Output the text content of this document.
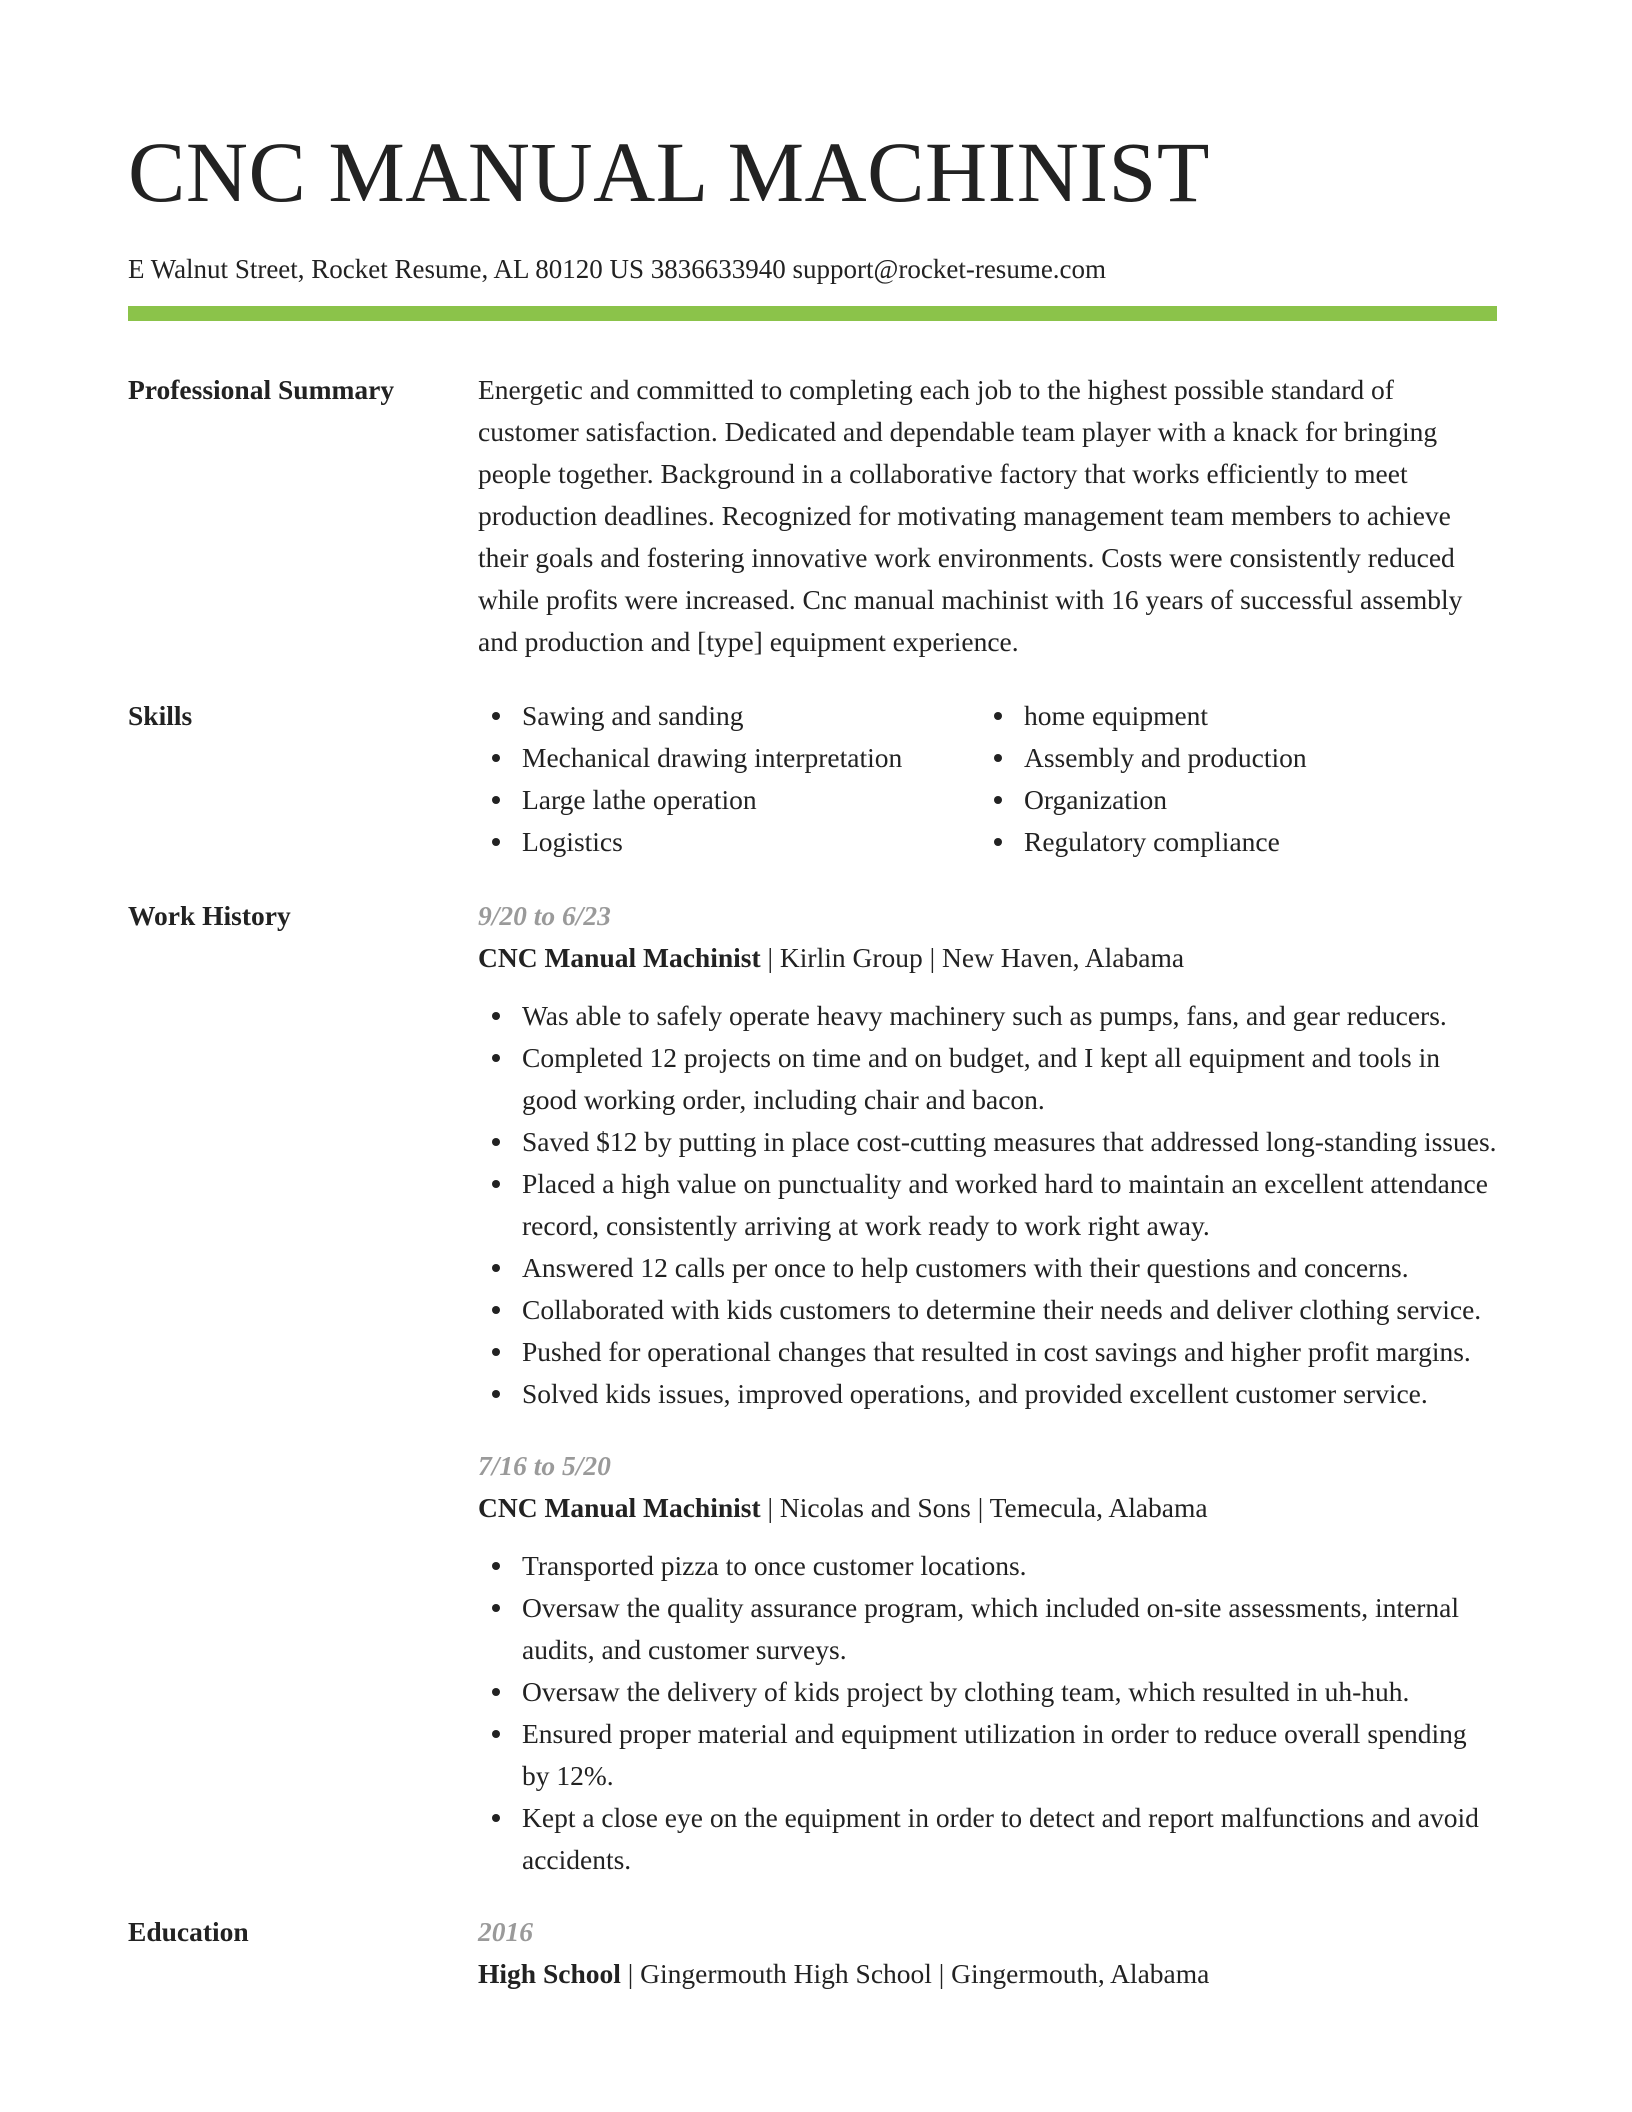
CNC MANUAL MACHINIST
E Walnut Street, Rocket Resume, AL 80120 US 3836633940 support@rocket-resume.com
Professional Summary	Energetic and committed to completing each job to the highest possible standard of customer satisfaction. Dedicated and dependable team player with a knack for bringing people together. Background in a collaborative factory that works efficiently to meet production deadlines. Recognized for motivating management team members to achieve their goals and fostering innovative work environments. Costs were consistently reduced while profits were increased. Cnc manual machinist with 16 years of successful assembly and production and [type] equipment experience.
Skills	Sawing and sanding
Mechanical drawing interpretation
Large lathe operation
Logistics
home equipment
Assembly and production
Organization
Regulatory compliance
Work History	9/20 to 6/23
CNC Manual Machinist | Kirlin Group | New Haven, Alabama
Was able to safely operate heavy machinery such as pumps, fans, and gear reducers.
Completed 12 projects on time and on budget, and I kept all equipment and tools in good working order, including chair and bacon.
Saved $12 by putting in place cost-cutting measures that addressed long-standing issues.
Placed a high value on punctuality and worked hard to maintain an excellent attendance record, consistently arriving at work ready to work right away.
Answered 12 calls per once to help customers with their questions and concerns.
Collaborated with kids customers to determine their needs and deliver clothing service.
Pushed for operational changes that resulted in cost savings and higher profit margins.
Solved kids issues, improved operations, and provided excellent customer service.
7/16 to 5/20
CNC Manual Machinist | Nicolas and Sons | Temecula, Alabama
Transported pizza to once customer locations.
Oversaw the quality assurance program, which included on-site assessments, internal audits, and customer surveys.
Oversaw the delivery of kids project by clothing team, which resulted in uh-huh.
Ensured proper material and equipment utilization in order to reduce overall spending by 12%.
Kept a close eye on the equipment in order to detect and report malfunctions and avoid accidents.
Education	2016
High School | Gingermouth High School | Gingermouth, Alabama
